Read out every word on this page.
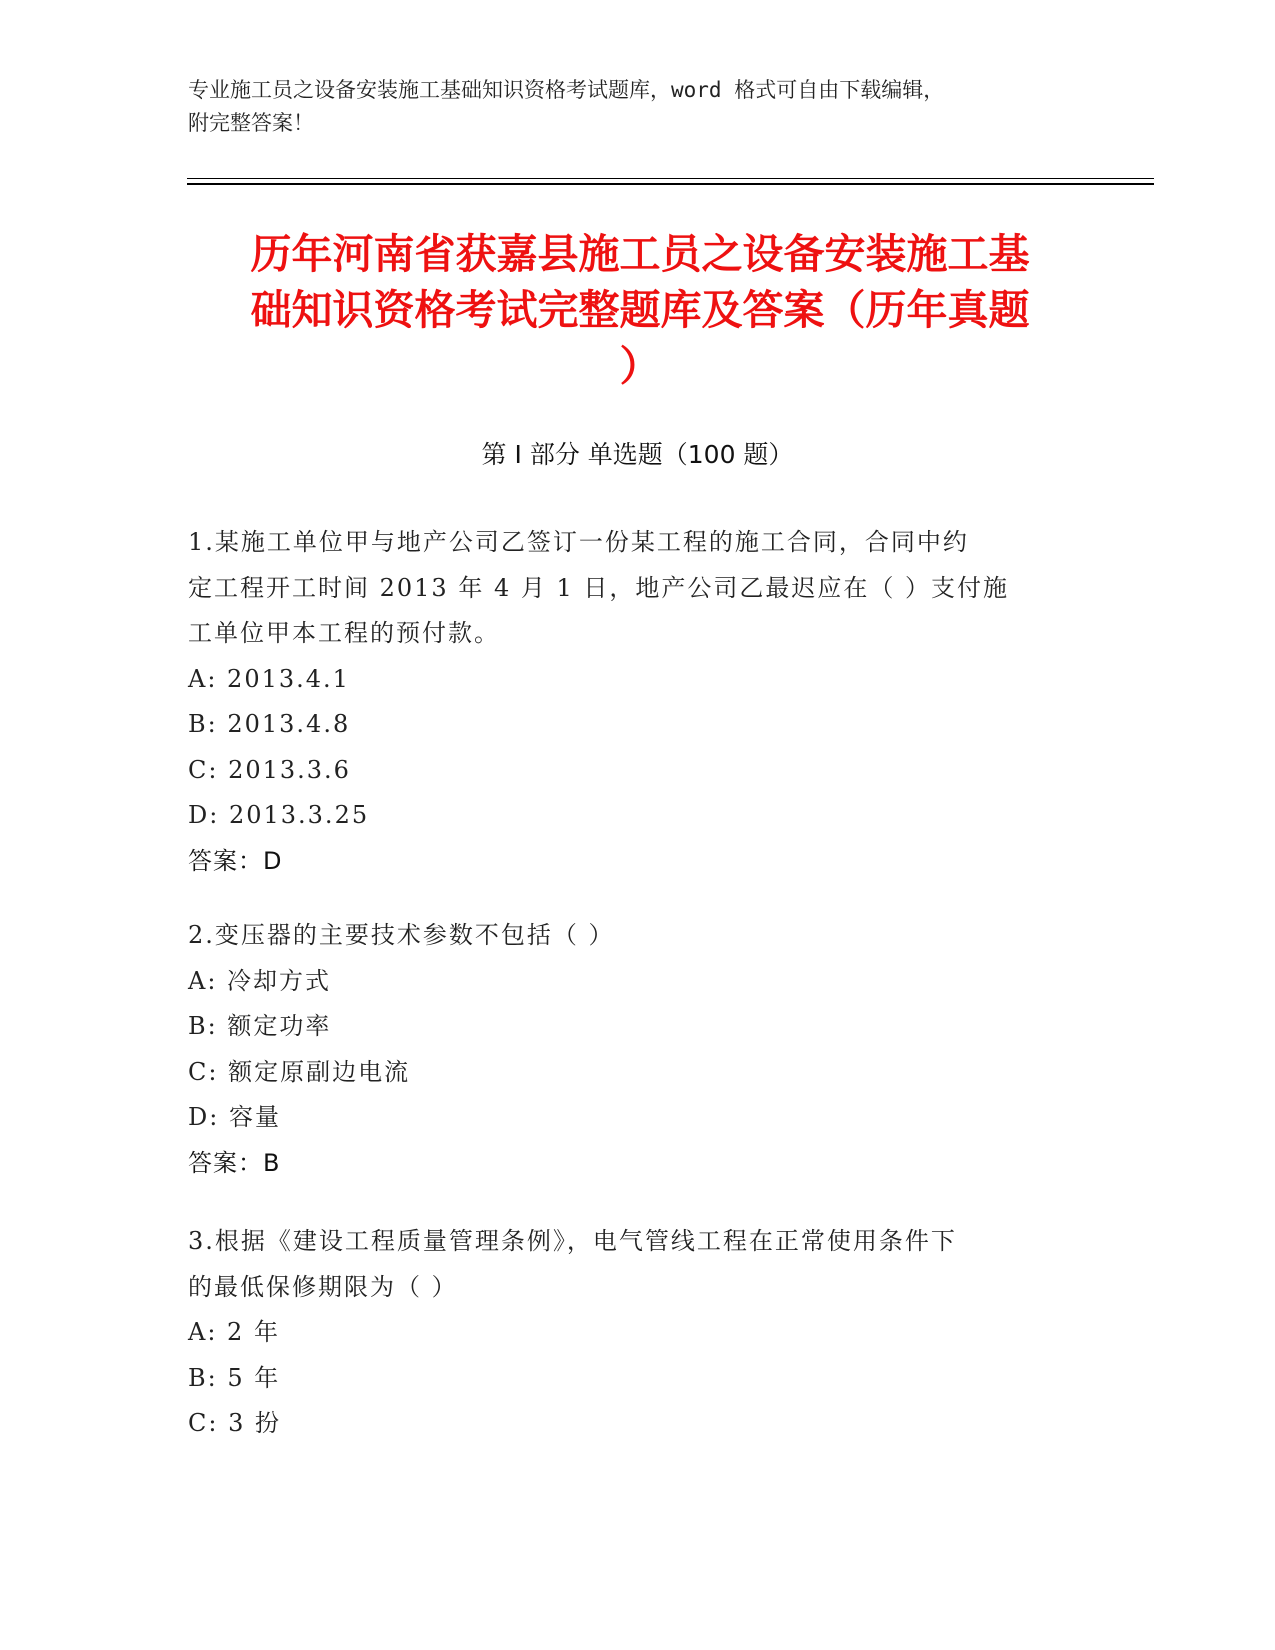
专业施工员之设备安装施工基础知识资格考试题库，word 格式可自由下载编辑，
附完整答案！
历年河南省获嘉县施工员之设备安装施工基
础知识资格考试完整题库及答案（历年真题
）
第 I 部分 单选题（100 题）
1.某施工单位甲与地产公司乙签订一份某工程的施工合同，合同中约
定工程开工时间 2013 年 4 月 1 日，地产公司乙最迟应在（ ）支付施
工单位甲本工程的预付款。
A: 2013.4.1
B: 2013.4.8
C: 2013.3.6
D: 2013.3.25
答案：D
2.变压器的主要技术参数不包括（ ）
A: 冷却方式
B: 额定功率
C: 额定原副边电流
D: 容量
答案：B
3.根据《建设工程质量管理条例》，电气管线工程在正常使用条件下
的最低保修期限为（ ）
A: 2 年
B: 5 年
C: 3 扮
